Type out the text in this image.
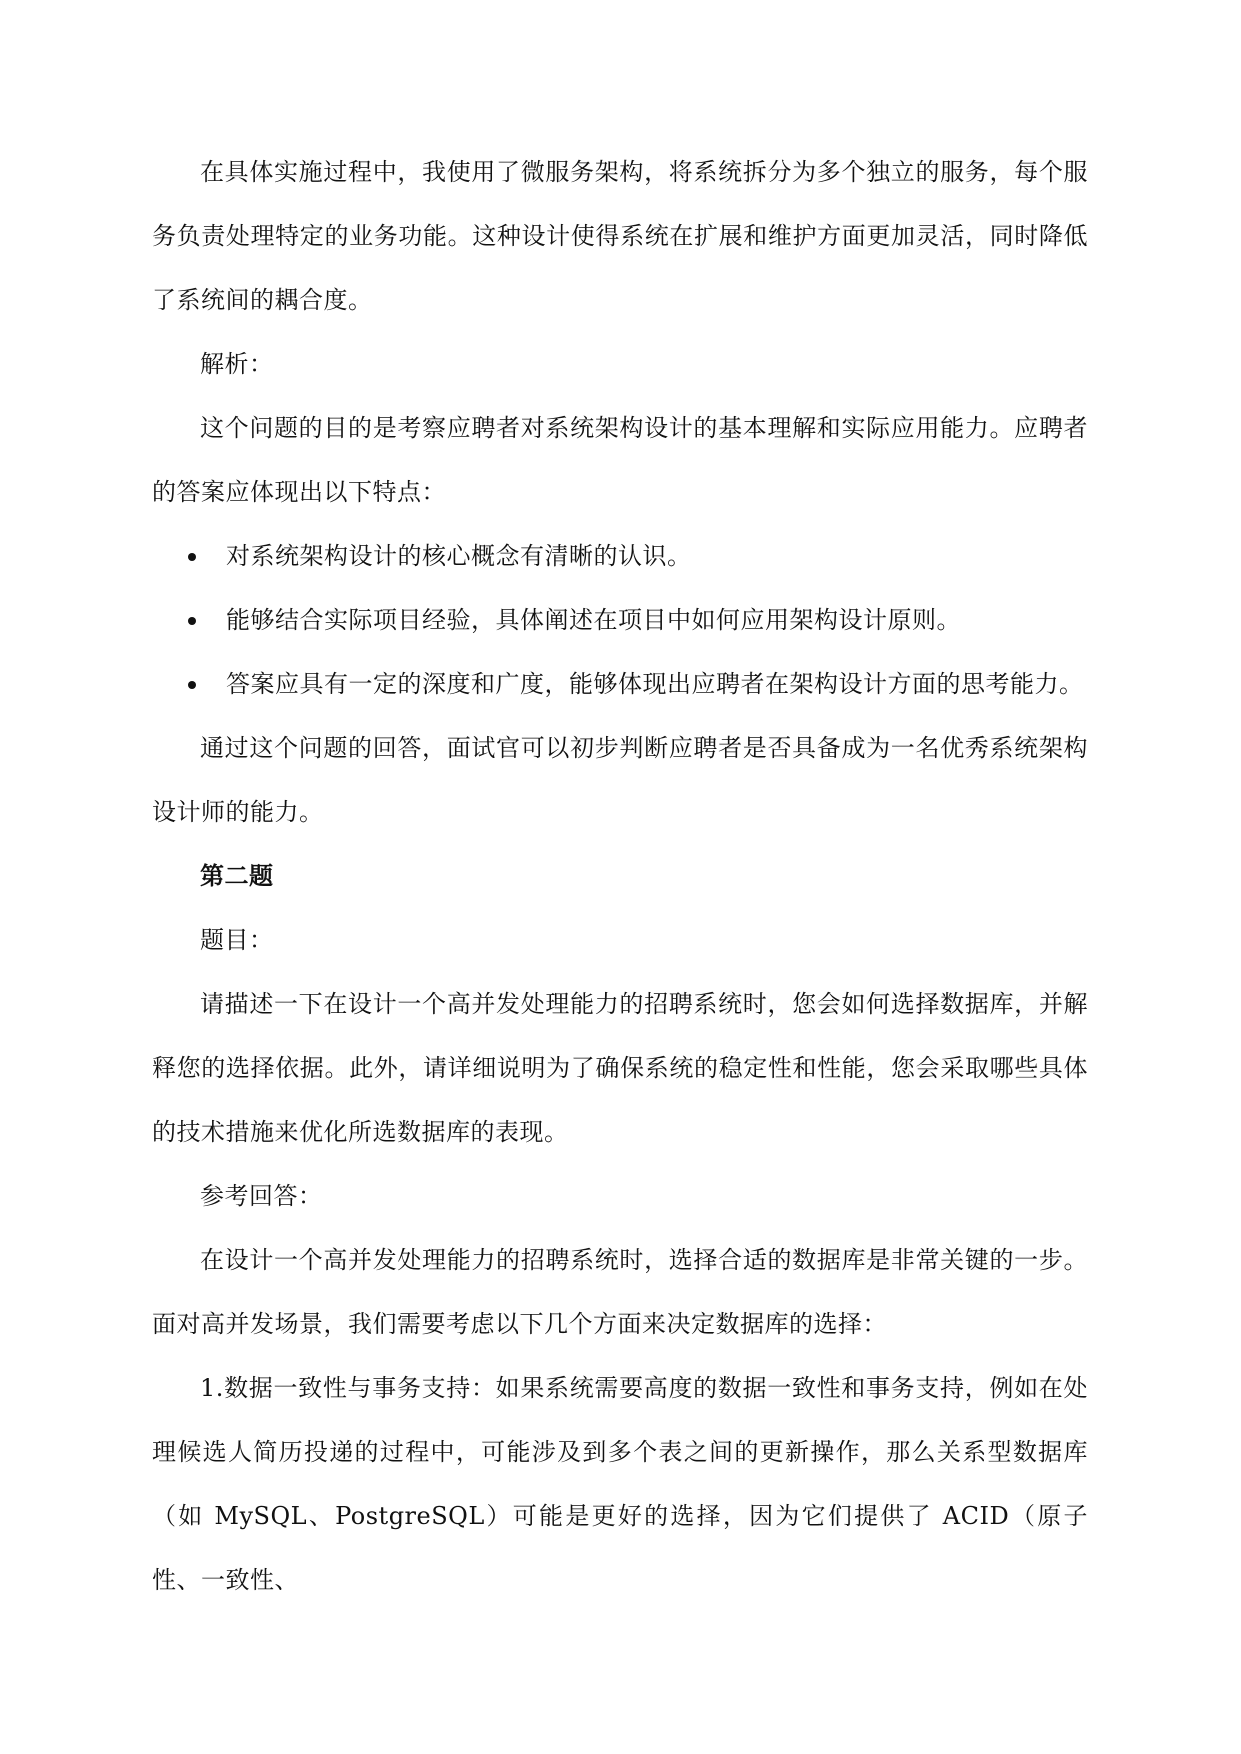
在具体实施过程中，我使用了微服务架构，将系统拆分为多个独立的服务，每个服务负责处理特定的业务功能。这种设计使得系统在扩展和维护方面更加灵活，同时降低了系统间的耦合度。

解析：

这个问题的目的是考察应聘者对系统架构设计的基本理解和实际应用能力。应聘者的答案应体现出以下特点：

对系统架构设计的核心概念有清晰的认识。
能够结合实际项目经验，具体阐述在项目中如何应用架构设计原则。
答案应具有一定的深度和广度，能够体现出应聘者在架构设计方面的思考能力。

通过这个问题的回答，面试官可以初步判断应聘者是否具备成为一名优秀系统架构设计师的能力。

第二题

题目：

请描述一下在设计一个高并发处理能力的招聘系统时，您会如何选择数据库，并解释您的选择依据。此外，请详细说明为了确保系统的稳定性和性能，您会采取哪些具体的技术措施来优化所选数据库的表现。

参考回答：

在设计一个高并发处理能力的招聘系统时，选择合适的数据库是非常关键的一步。面对高并发场景，我们需要考虑以下几个方面来决定数据库的选择：

1.数据一致性与事务支持：如果系统需要高度的数据一致性和事务支持，例如在处理候选人简历投递的过程中，可能涉及到多个表之间的更新操作，那么关系型数据库（如 MySQL、PostgreSQL）可能是更好的选择，因为它们提供了 ACID（原子性、一致性、
